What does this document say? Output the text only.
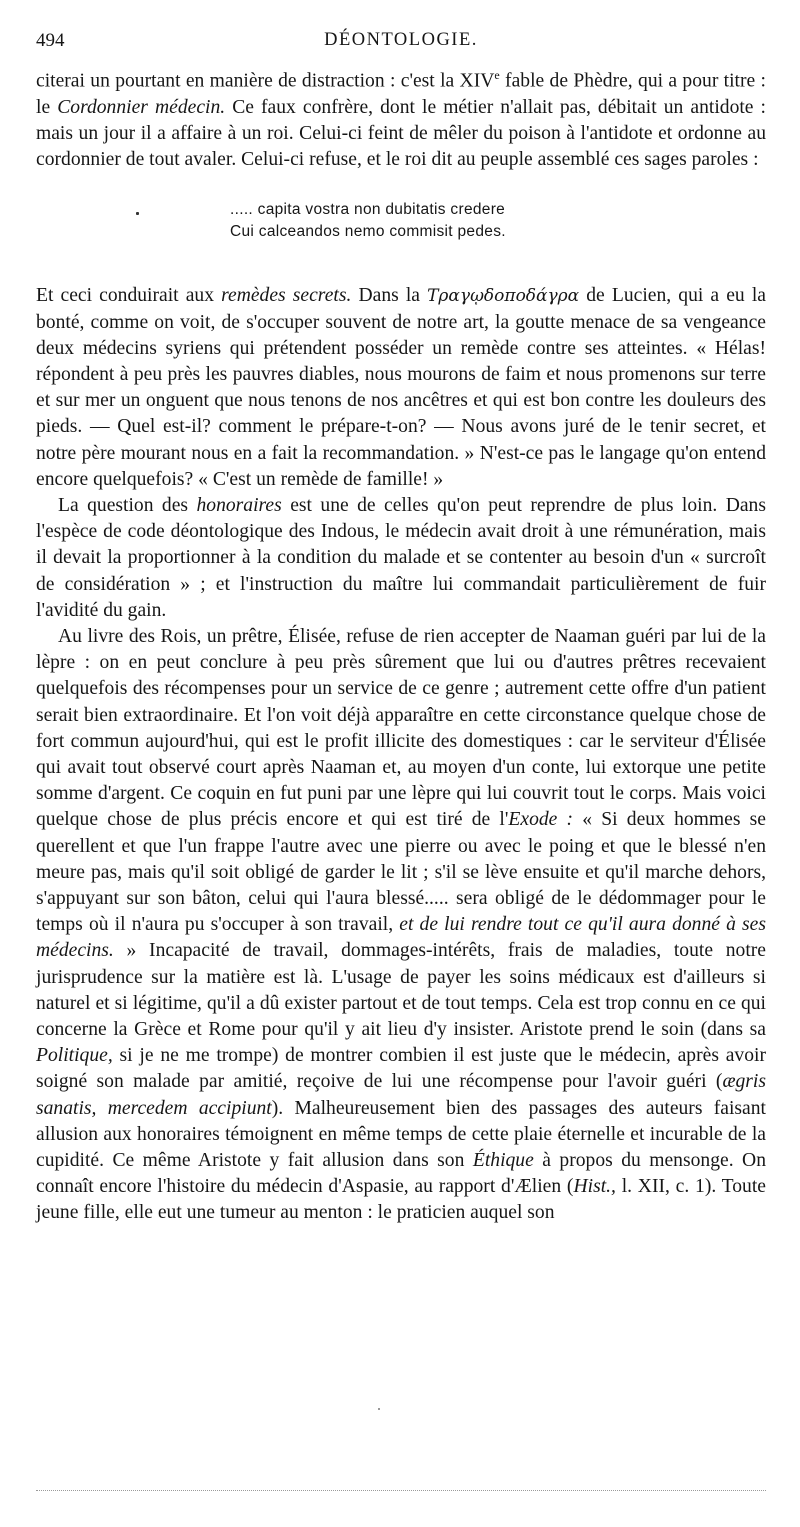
494	DÉONTOLOGIE.

citerai un pourtant en manière de distraction : c'est la XIVe fable de Phèdre, qui a pour titre : le Cordonnier médecin. Ce faux confrère, dont le métier n'allait pas, débitait un antidote : mais un jour il a affaire à un roi. Celui-ci feint de mêler du poison à l'antidote et ordonne au cordonnier de tout avaler. Celui-ci refuse, et le roi dit au peuple assemblé ces sages paroles :

..... capita vostra non dubitatis credere
Cui calceandos nemo commisit pedes.

Et ceci conduirait aux remèdes secrets. Dans la Τραγῳδοποδάγρα de Lucien, qui a eu la bonté, comme on voit, de s'occuper souvent de notre art, la goutte menace de sa vengeance deux médecins syriens qui prétendent posséder un remède contre ses atteintes. « Hélas! répondent à peu près les pauvres diables, nous mourons de faim et nous promenons sur terre et sur mer un onguent que nous tenons de nos ancêtres et qui est bon contre les douleurs des pieds. — Quel est-il? comment le prépare-t-on? — Nous avons juré de le tenir secret, et notre père mourant nous en a fait la recommandation. » N'est-ce pas le langage qu'on entend encore quelquefois? « C'est un remède de famille! »

La question des honoraires est une de celles qu'on peut reprendre de plus loin. Dans l'espèce de code déontologique des Indous, le médecin avait droit à une rémunération, mais il devait la proportionner à la condition du malade et se contenter au besoin d'un « surcroît de considération » ; et l'instruction du maître lui commandait particulièrement de fuir l'avidité du gain.

Au livre des Rois, un prêtre, Élisée, refuse de rien accepter de Naaman guéri par lui de la lèpre : on en peut conclure à peu près sûrement que lui ou d'autres prêtres recevaient quelquefois des récompenses pour un service de ce genre ; autrement cette offre d'un patient serait bien extraordinaire. Et l'on voit déjà apparaître en cette circonstance quelque chose de fort commun aujourd'hui, qui est le profit illicite des domestiques : car le serviteur d'Élisée qui avait tout observé court après Naaman et, au moyen d'un conte, lui extorque une petite somme d'argent. Ce coquin en fut puni par une lèpre qui lui couvrit tout le corps. Mais voici quelque chose de plus précis encore et qui est tiré de l'Exode : « Si deux hommes se querellent et que l'un frappe l'autre avec une pierre ou avec le poing et que le blessé n'en meure pas, mais qu'il soit obligé de garder le lit ; s'il se lève ensuite et qu'il marche dehors, s'appuyant sur son bâton, celui qui l'aura blessé..... sera obligé de le dédommager pour le temps où il n'aura pu s'occuper à son travail, et de lui rendre tout ce qu'il aura donné à ses médecins. » Incapacité de travail, dommages-intérêts, frais de maladies, toute notre jurisprudence sur la matière est là. L'usage de payer les soins médicaux est d'ailleurs si naturel et si légitime, qu'il a dû exister partout et de tout temps. Cela est trop connu en ce qui concerne la Grèce et Rome pour qu'il y ait lieu d'y insister. Aristote prend le soin (dans sa Politique, si je ne me trompe) de montrer combien il est juste que le médecin, après avoir soigné son malade par amitié, reçoive de lui une récompense pour l'avoir guéri (ægris sanatis, mercedem accipiunt). Malheureusement bien des passages des auteurs faisant allusion aux honoraires témoignent en même temps de cette plaie éternelle et incurable de la cupidité. Ce même Aristote y fait allusion dans son Éthique à propos du mensonge. On connaît encore l'histoire du médecin d'Aspasie, au rapport d'Ælien (Hist., l. XII, c. 1). Toute jeune fille, elle eut une tumeur au menton : le praticien auquel son
